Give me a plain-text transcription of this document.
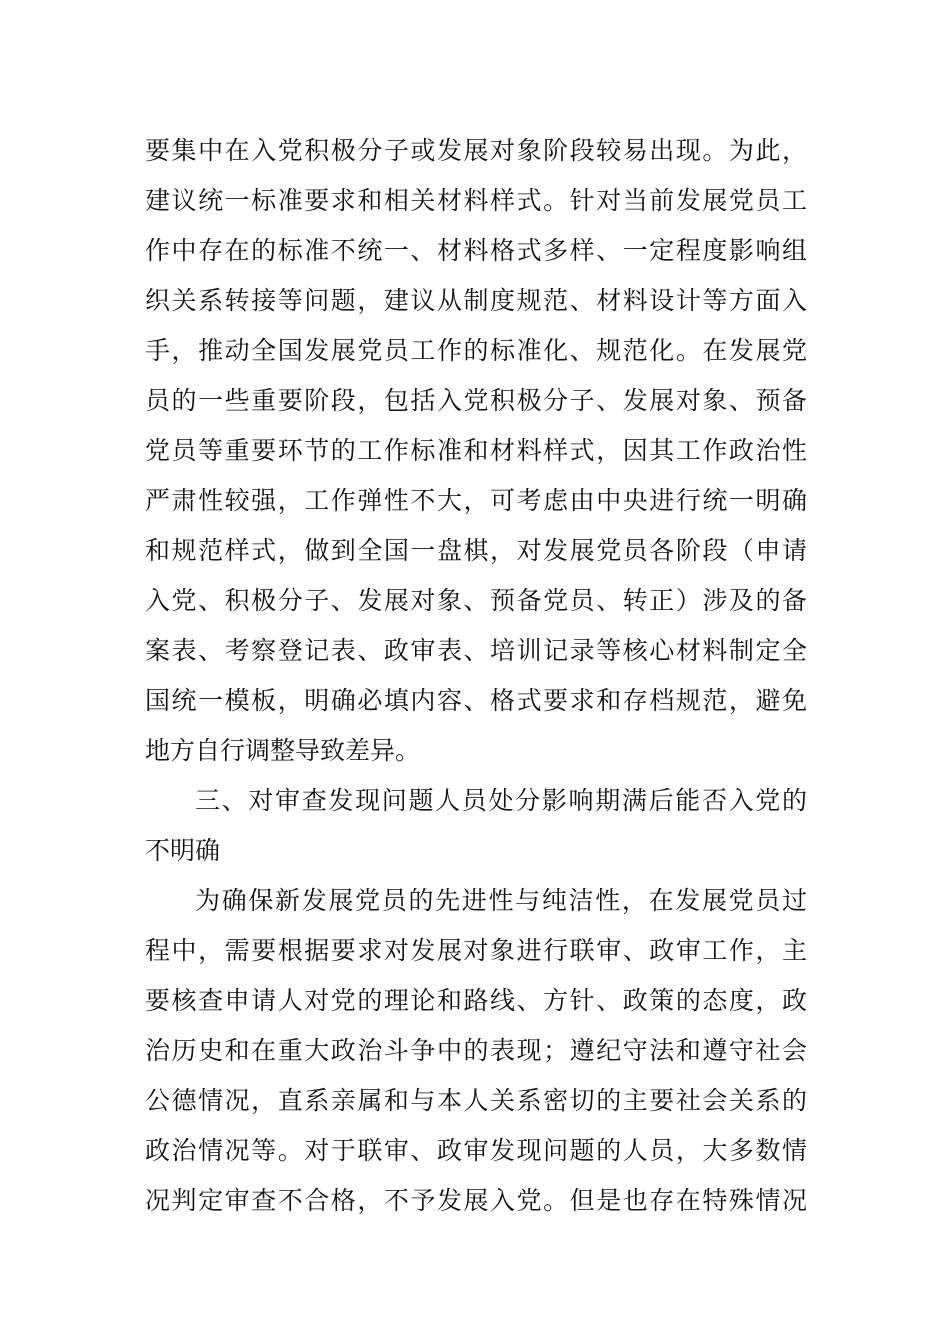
要集中在入党积极分子或发展对象阶段较易出现。为此，
建议统一标准要求和相关材料样式。针对当前发展党员工
作中存在的标准不统一、材料格式多样、一定程度影响组
织关系转接等问题，建议从制度规范、材料设计等方面入
手，推动全国发展党员工作的标准化、规范化。在发展党
员的一些重要阶段，包括入党积极分子、发展对象、预备
党员等重要环节的工作标准和材料样式，因其工作政治性
严肃性较强，工作弹性不大，可考虑由中央进行统一明确
和规范样式，做到全国一盘棋，对发展党员各阶段（申请
入党、积极分子、发展对象、预备党员、转正）涉及的备
案表、考察登记表、政审表、培训记录等核心材料制定全
国统一模板，明确必填内容、格式要求和存档规范，避免
地方自行调整导致差异。
三、对审查发现问题人员处分影响期满后能否入党的
不明确
为确保新发展党员的先进性与纯洁性，在发展党员过
程中，需要根据要求对发展对象进行联审、政审工作，主
要核查申请人对党的理论和路线、方针、政策的态度，政
治历史和在重大政治斗争中的表现；遵纪守法和遵守社会
公德情况，直系亲属和与本人关系密切的主要社会关系的
政治情况等。对于联审、政审发现问题的人员，大多数情
况判定审查不合格，不予发展入党。但是也存在特殊情况
